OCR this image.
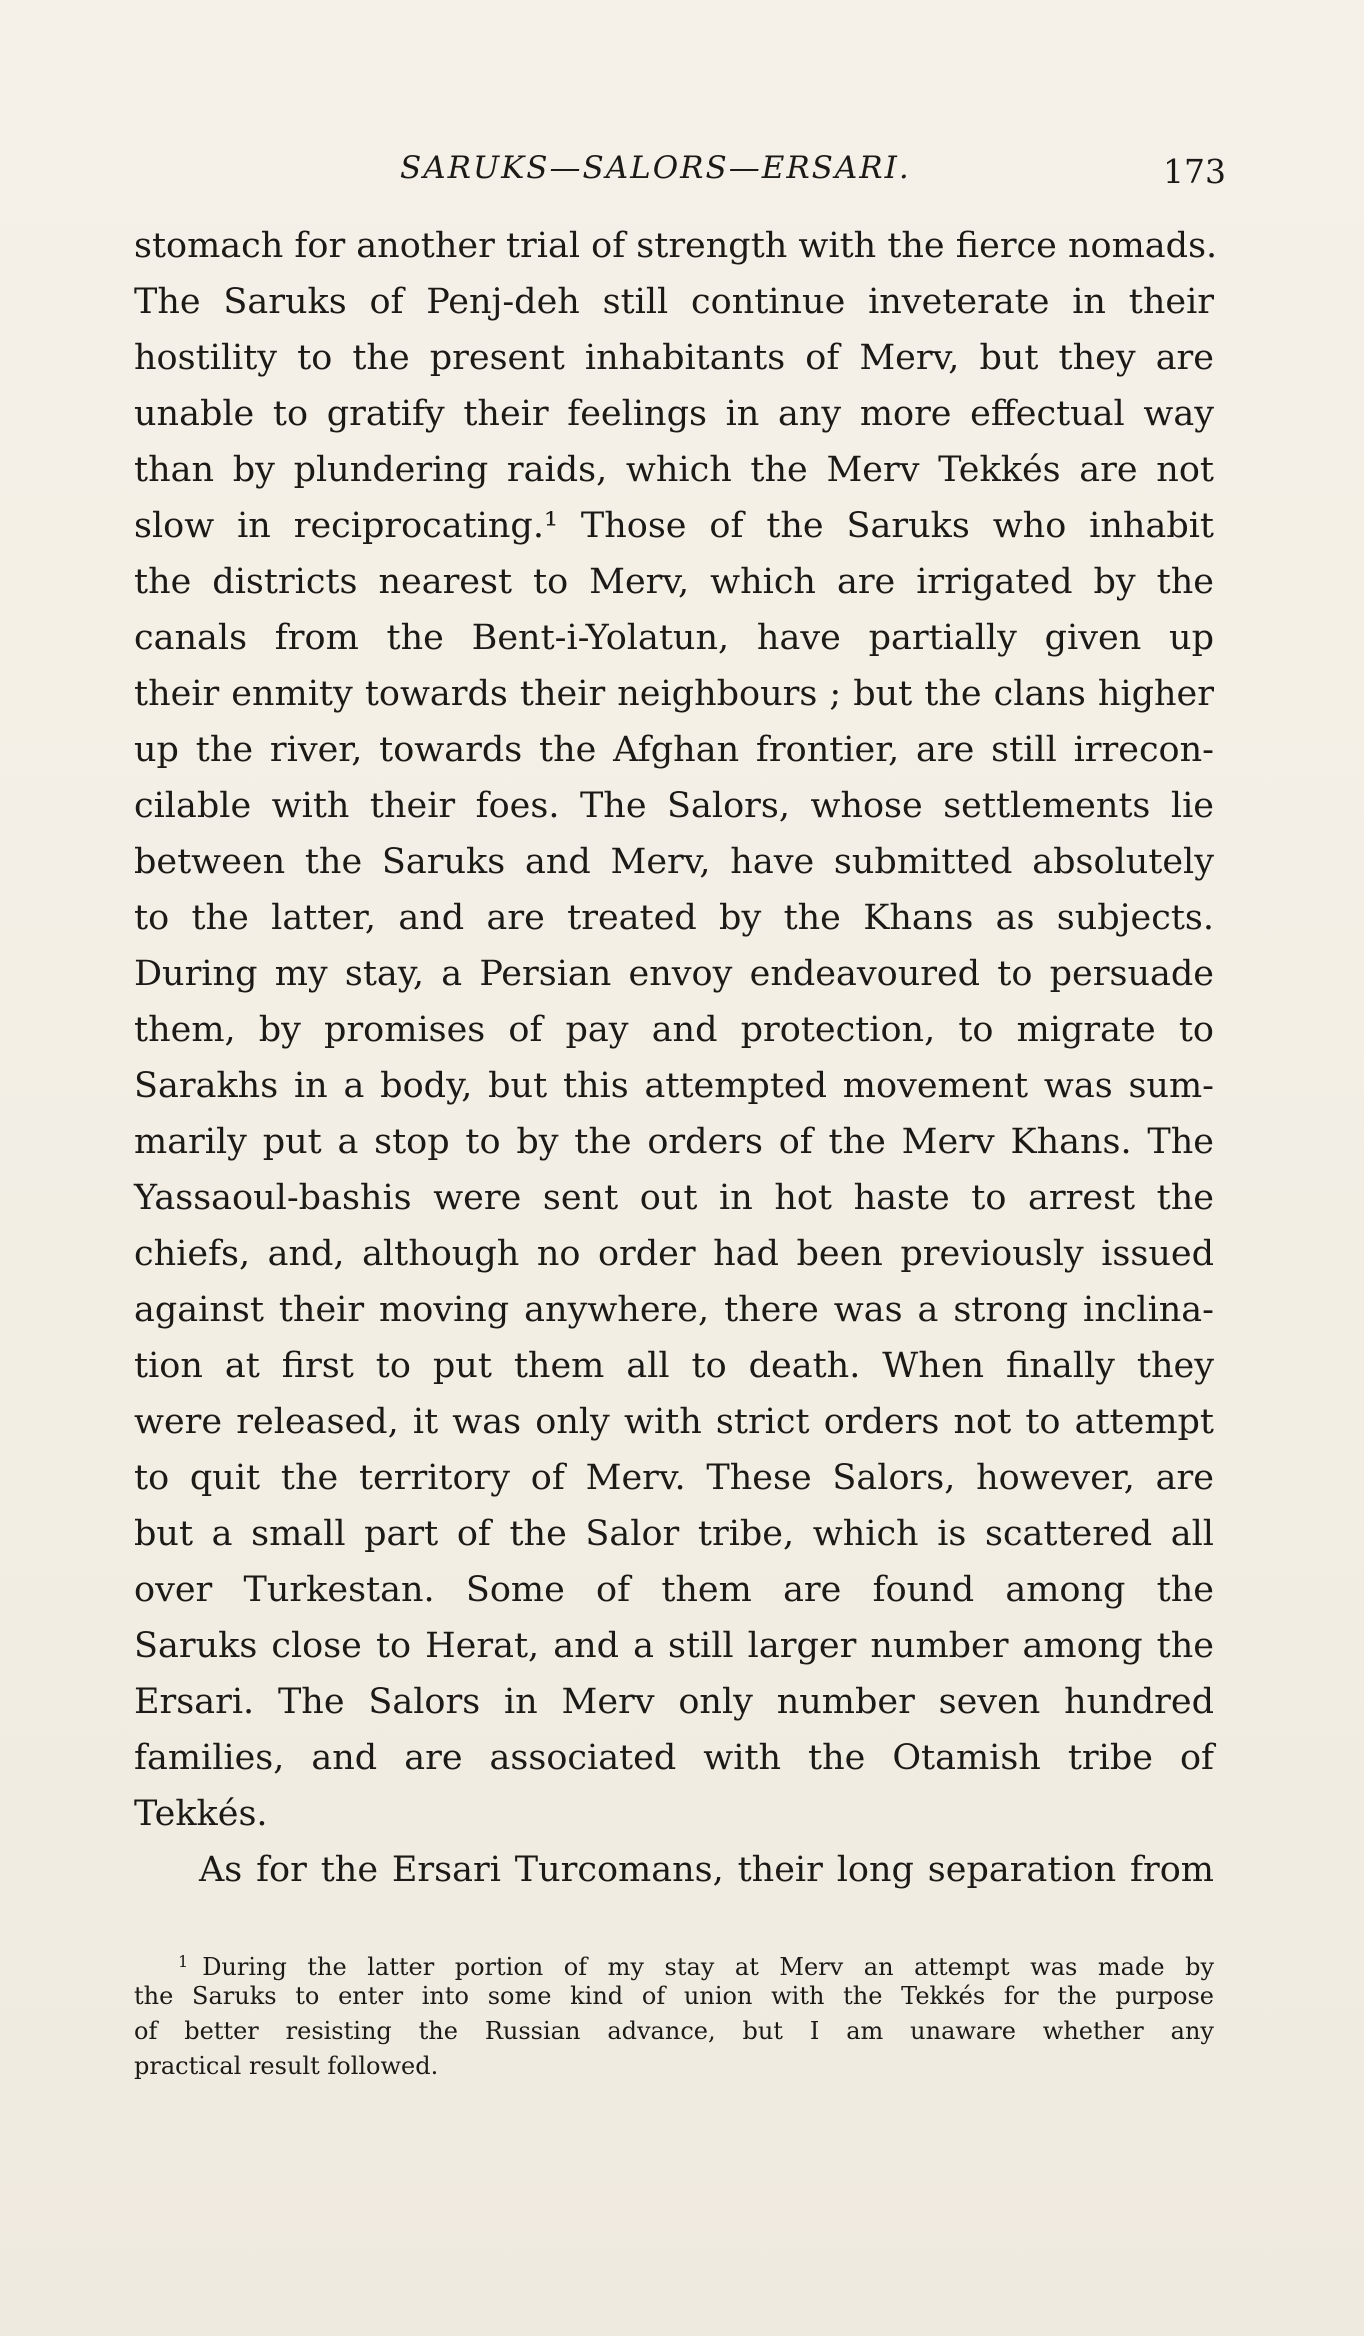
SARUKS—SALORS—ERSARI.	173
stomach for another trial of strength with the fierce nomads.
The Saruks of Penj-deh still continue inveterate in their
hostility to the present inhabitants of Merv, but they are
unable to gratify their feelings in any more effectual way
than by plundering raids, which the Merv Tekkés are not
slow in reciprocating.¹ Those of the Saruks who inhabit
the districts nearest to Merv, which are irrigated by the
canals from the Bent-i-Yolatun, have partially given up
their enmity towards their neighbours ; but the clans higher
up the river, towards the Afghan frontier, are still irrecon-
cilable with their foes. The Salors, whose settlements lie
between the Saruks and Merv, have submitted absolutely
to the latter, and are treated by the Khans as subjects.
During my stay, a Persian envoy endeavoured to persuade
them, by promises of pay and protection, to migrate to
Sarakhs in a body, but this attempted movement was sum-
marily put a stop to by the orders of the Merv Khans. The
Yassaoul-bashis were sent out in hot haste to arrest the
chiefs, and, although no order had been previously issued
against their moving anywhere, there was a strong inclina-
tion at first to put them all to death. When finally they
were released, it was only with strict orders not to attempt
to quit the territory of Merv. These Salors, however, are
but a small part of the Salor tribe, which is scattered all
over Turkestan. Some of them are found among the
Saruks close to Herat, and a still larger number among the
Ersari. The Salors in Merv only number seven hundred
families, and are associated with the Otamish tribe of
Tekkés.
As for the Ersari Turcomans, their long separation from
$^1$ During the latter portion of my stay at Merv an attempt was made by
the Saruks to enter into some kind of union with the Tekkés for the purpose
of better resisting the Russian advance, but I am unaware whether any
practical result followed.
